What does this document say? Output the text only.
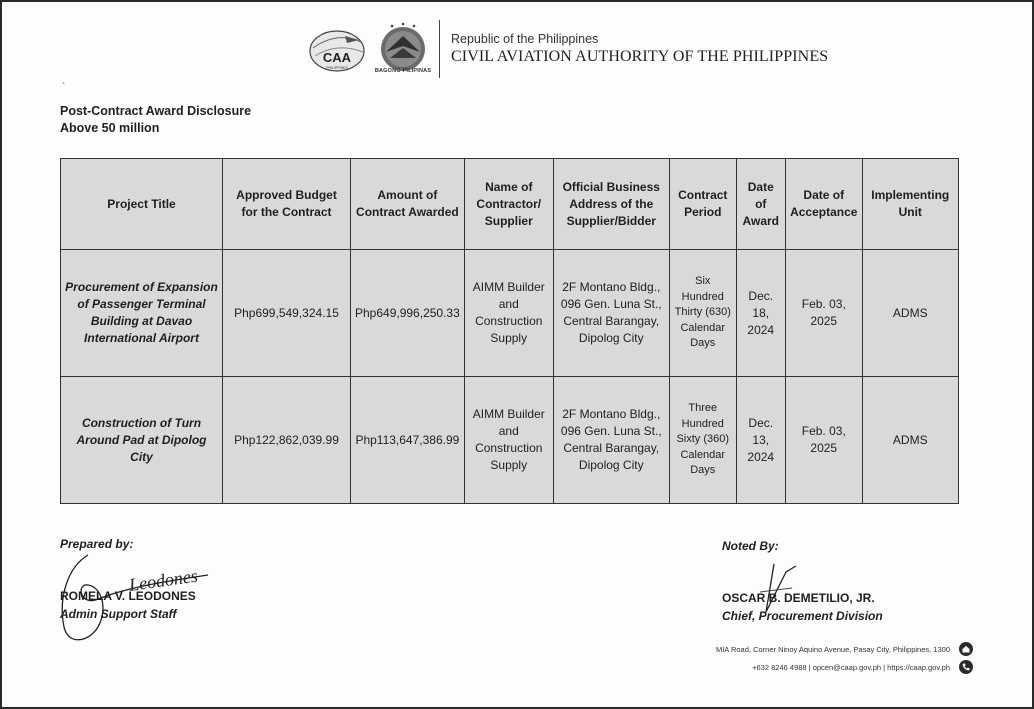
CAA
PHILIPPINES	BAGONG PILIPINAS
Republic of the Philippines
CIVIL AVIATION AUTHORITY OF THE PHILIPPINES
`
Post-Contract Award Disclosure
Above 50 million
Project Title	Approved Budget for the Contract	Amount of Contract Awarded	Name of Contractor/ Supplier	Official Business Address of the Supplier/Bidder	Contract Period	Date of Award	Date of Acceptance	Implementing Unit
Procurement of Expansion of Passenger Terminal Building at Davao International Airport	Php699,549,324.15	Php649,996,250.33	AIMM Builder and Construction Supply	2F Montano Bldg., 096 Gen. Luna St., Central Barangay, Dipolog City	Six Hundred Thirty (630) Calendar Days	Dec. 18, 2024	Feb. 03, 2025	ADMS
Construction of Turn Around Pad at Dipolog City	Php122,862,039.99	Php113,647,386.99	AIMM Builder and Construction Supply	2F Montano Bldg., 096 Gen. Luna St., Central Barangay, Dipolog City	Three Hundred Sixty (360) Calendar Days	Dec. 13, 2024	Feb. 03, 2025	ADMS
Prepared by:
Leodones
ROMELA V. LEODONES
Admin Support Staff
Noted By:
OSCAR B. DEMETILIO, JR.
Chief, Procurement Division
MIA Road, Corner Ninoy Aquino Avenue, Pasay City, Philippines, 1300
+632 8246 4988 | opcen@caap.gov.ph | https://caap.gov.ph
